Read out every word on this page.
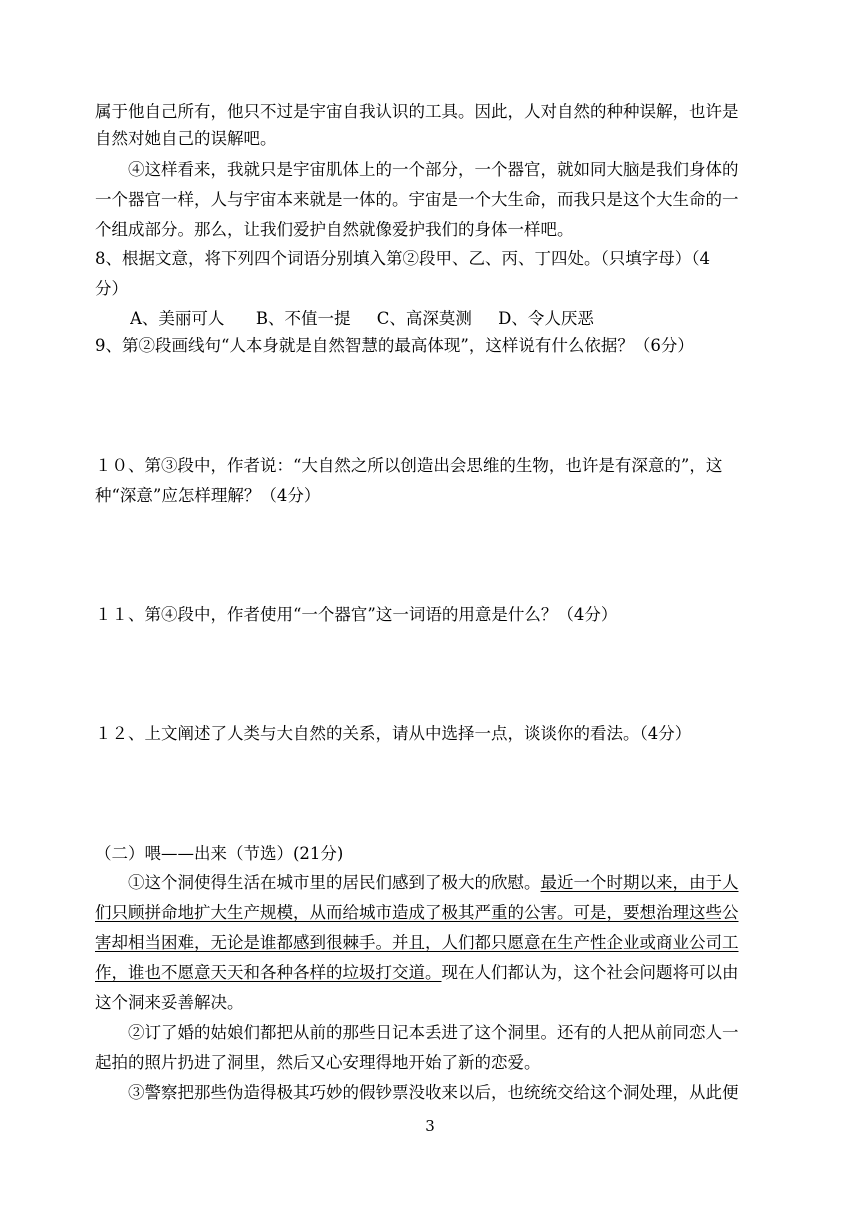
属于他自己所有，他只不过是宇宙自我认识的工具。因此，人对自然的种种误解，也许是
自然对她自己的误解吧。
④这样看来，我就只是宇宙肌体上的一个部分，一个器官，就如同大脑是我们身体的
一个器官一样，人与宇宙本来就是一体的。宇宙是一个大生命，而我只是这个大生命的一
个组成部分。那么，让我们爱护自然就像爱护我们的身体一样吧。
8、根据文意，将下列四个词语分别填入第②段甲、乙、丙、丁四处。（只填字母）（4
分）
A、美丽可人      B、不值一提     C、高深莫测     D、令人厌恶
9、第②段画线句“人本身就是自然智慧的最高体现”，这样说有什么依据？（6分）
１０、第③段中，作者说：“大自然之所以创造出会思维的生物，也许是有深意的”，这
种“深意”应怎样理解？（4分）
１１、第④段中，作者使用“一个器官”这一词语的用意是什么？（4分）
１２、上文阐述了人类与大自然的关系，请从中选择一点，谈谈你的看法。（4分）
（二）喂——出来（节选）(21分)
①这个洞使得生活在城市里的居民们感到了极大的欣慰。最近一个时期以来，由于人
们只顾拼命地扩大生产规模，从而给城市造成了极其严重的公害。可是，要想治理这些公
害却相当困难，无论是谁都感到很棘手。并且，人们都只愿意在生产性企业或商业公司工
作，谁也不愿意天天和各种各样的垃圾打交道。现在人们都认为，这个社会问题将可以由
这个洞来妥善解决。
②订了婚的姑娘们都把从前的那些日记本丢进了这个洞里。还有的人把从前同恋人一
起拍的照片扔进了洞里，然后又心安理得地开始了新的恋爱。
③警察把那些伪造得极其巧妙的假钞票没收来以后，也统统交给这个洞处理，从此便
3
